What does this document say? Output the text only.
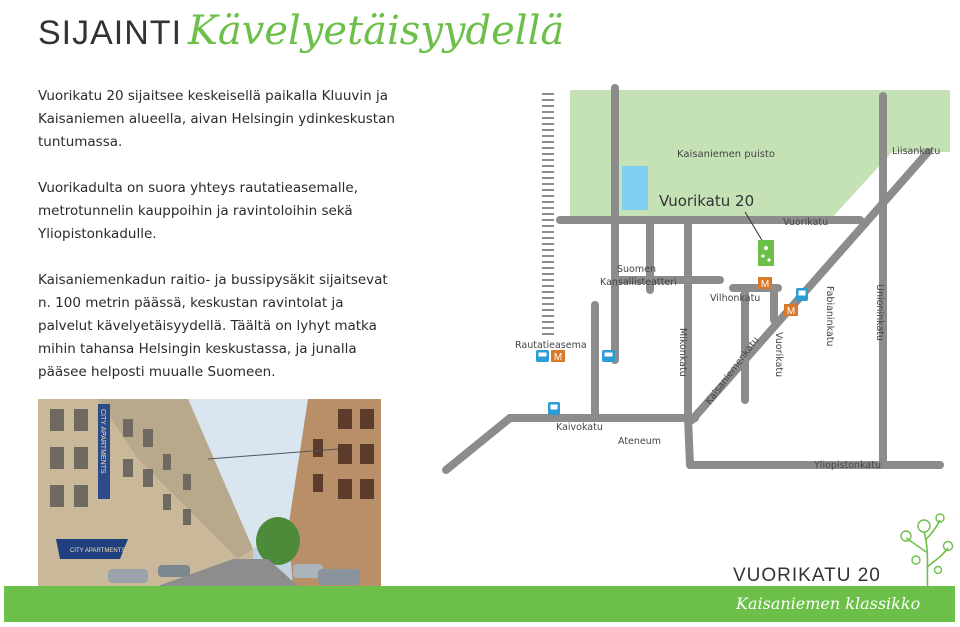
SIJAINTI Kävelyetäisyydellä

Vuorikatu 20 sijaitsee keskeisellä paikalla Kluuvin ja Kaisaniemen alueella, aivan Helsingin ydinkeskustan tuntumassa.

Vuorikadulta on suora yhteys rautatieasemalle, metrotunnelin kauppoihin ja ravintoloihin sekä Yliopistonkadulle.

Kaisaniemenkadun raitio- ja bussipysäkit sijaitsevat n. 100 metrin päässä, keskustan ravintolat ja palvelut kävelyetäisyydellä. Täältä on lyhyt matka mihin tahansa Helsingin keskustassa, ja junalla pääsee helposti muualle Suomeen.

M
M
M
Kaisaniemen puisto
Vuorikatu 20
Liisankatu
Vuorikatu
Suomen
Kansallisteatteri
Vilhonkatu
Rautatieasema
Kaivokatu
Ateneum
Yliopistonkatu
Fabianinkatu	Unioninkatu
Mikonkatu	Vuorikatu
Kaisaniemenkatu
CITY APARTMENTS
CITY APARTMENTS
VUORIKATU 20
Kaisaniemen klassikko
